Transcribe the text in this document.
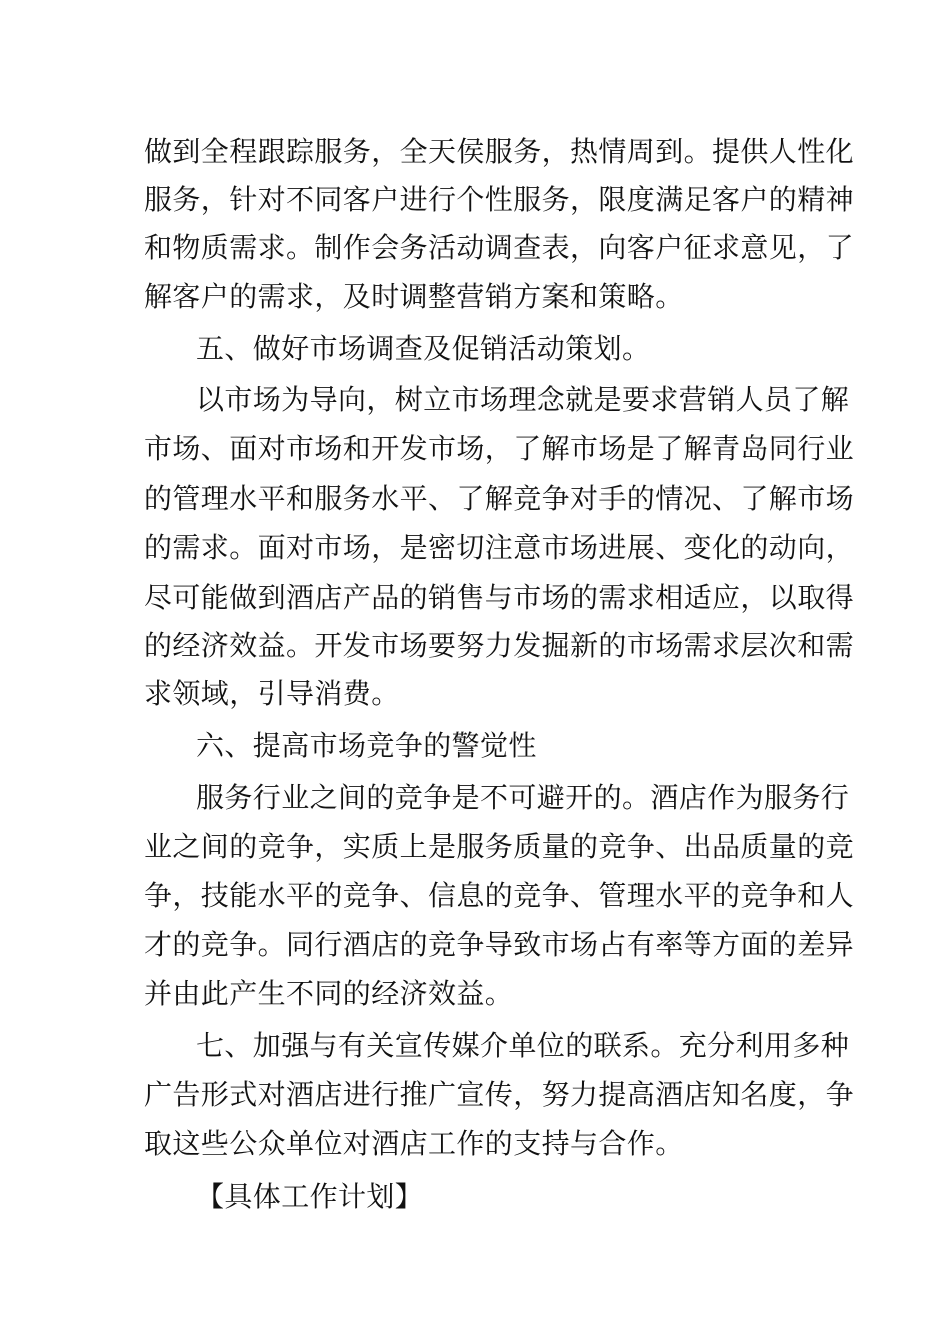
做到全程跟踪服务，全天侯服务，热情周到。提供人性化
服务，针对不同客户进行个性服务，限度满足客户的精神
和物质需求。制作会务活动调查表，向客户征求意见，了
解客户的需求，及时调整营销方案和策略。
五、做好市场调查及促销活动策划。
以市场为导向，树立市场理念就是要求营销人员了解
市场、面对市场和开发市场，了解市场是了解青岛同行业
的管理水平和服务水平、了解竞争对手的情况、了解市场
的需求。面对市场，是密切注意市场进展、变化的动向，
尽可能做到酒店产品的销售与市场的需求相适应，以取得
的经济效益。开发市场要努力发掘新的市场需求层次和需
求领域，引导消费。
六、提高市场竞争的警觉性
服务行业之间的竞争是不可避开的。酒店作为服务行
业之间的竞争，实质上是服务质量的竞争、出品质量的竞
争，技能水平的竞争、信息的竞争、管理水平的竞争和人
才的竞争。同行酒店的竞争导致市场占有率等方面的差异
并由此产生不同的经济效益。
七、加强与有关宣传媒介单位的联系。充分利用多种
广告形式对酒店进行推广宣传，努力提高酒店知名度，争
取这些公众单位对酒店工作的支持与合作。
【具体工作计划】
